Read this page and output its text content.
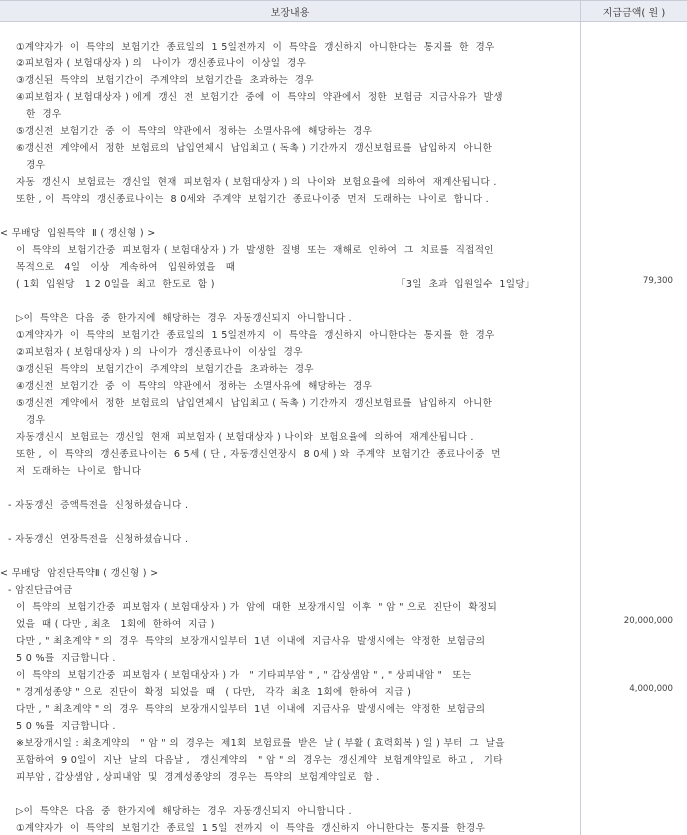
보장내용	지급금액( 원 )
①계약자가  이  특약의  보험기간  종료일의  1 5일전까지  이  특약을  갱신하지  아니한다는  통지를  한  경우
②피보험자 ( 보험대상자 ) 의   나이가  갱신종료나이  이상일  경우
③갱신된  특약의  보험기간이  주계약의  보험기간을  초과하는  경우
④피보험자 ( 보험대상자 ) 에게  갱신  전  보험기간  중에  이  특약의  약관에서  정한  보험금  지급사유가  발생
한  경우
⑤갱신전  보험기간  중  이  특약의  약관에서  정하는  소멸사유에  해당하는  경우
⑥갱신전  계약에서  정한  보험료의  납입연체시  납입최고 ( 독촉 ) 기간까지  갱신보험료를  납입하지  아니한
경우
자동  갱신시  보험료는  갱신일  현재  피보험자 ( 보험대상자 ) 의  나이와  보험요율에  의하여  재계산됩니다 .
또한 , 이  특약의  갱신종료나이는  8 0세와  주계약  보험기간  종료나이중  먼저  도래하는  나이로  합니다 .
< 무배당  입원특약  Ⅱ ( 갱신형 ) >
이  특약의  보험기간중  피보험자 ( 보험대상자 ) 가  발생한  질병  또는  재해로  인하여  그  치료를  직접적인
목적으로   4일   이상   계속하여   입원하였을   때
( 1회  입원당   1 2 0일을  최고  한도로  함 )	「3일  초과  입원일수  1일당」
▷이  특약은  다음  중  한가지에  해당하는  경우  자동갱신되지  아니합니다 .
①계약자가  이  특약의  보험기간  종료일의  1 5일전까지  이  특약을  갱신하지  아니한다는  통지를  한  경우
②피보험자 ( 보험대상자 ) 의  나이가  갱신종료나이  이상일  경우
③갱신된  특약의  보험기간이  주계약의  보험기간을  초과하는  경우
④갱신전  보험기간  중  이  특약의  약관에서  정하는  소멸사유에  해당하는  경우
⑤갱신전  계약에서  정한  보험료의  납입연체시  납입최고 ( 독촉 ) 기간까지  갱신보험료를  납입하지  아니한
경우
자동갱신시  보험료는  갱신일  현재  피보험자 ( 보험대상자 ) 나이와  보험요율에  의하여  재계산됩니다 .
또한 ,  이  특약의  갱신종료나이는  6 5세 ( 단 , 자동갱신연장시  8 0세 ) 와  주계약  보험기간  종료나이중  먼
저  도래하는  나이로  합니다
- 자동갱신  증액특전을  신청하셨습니다 .
- 자동갱신  연장특전을  신청하셨습니다 .
< 무배당  암진단특약Ⅱ ( 갱신형 ) >
- 암진단급여금
이  특약의  보험기간중  피보험자 ( 보험대상자 ) 가  암에  대한  보장개시일  이후  " 암 " 으로  진단이  확정되
었을  때 ( 다만 , 최초   1회에  한하여  지급 )
다만 , " 최초계약 " 의  경우  특약의  보장개시일부터  1년  이내에  지급사유  발생시에는  약정한  보험금의
5 0 %를  지급합니다 .
이  특약의  보험기간중  피보험자 ( 보험대상자 ) 가   " 기타피부암 " , " 갑상샘암 " , " 상피내암 "   또는
" 경계성종양 " 으로  진단이  확정  되었을  때   ( 다만,   각각  최초  1회에  한하여  지급 )
다만 , " 최초계약 " 의  경우  특약의  보장개시일부터  1년  이내에  지급사유  발생시에는  약정한  보험금의
5 0 %를  지급합니다 .
※보장개시일 : 최초계약의   " 암 " 의  경우는  제1회  보험료를  받은  날 ( 부활 ( 효력회복 ) 일 ) 부터  그  날을
포함하여  9 0일이  지난  날의  다음날 ,   갱신계약의   " 암 " 의  경우는  갱신계약  보험계약일로  하고 ,   기타
피부암 , 갑상샘암 , 상피내암  및  경계성종양의  경우는  특약의  보험계약일로  함 .
▷이  특약은  다음  중  한가지에  해당하는  경우  자동갱신되지  아니합니다 .
①계약자가  이  특약의  보험기간  종료일  1 5일  전까지  이  특약을  갱신하지  아니한다는  통지를  한경우
79,300
20,000,000
4,000,000
